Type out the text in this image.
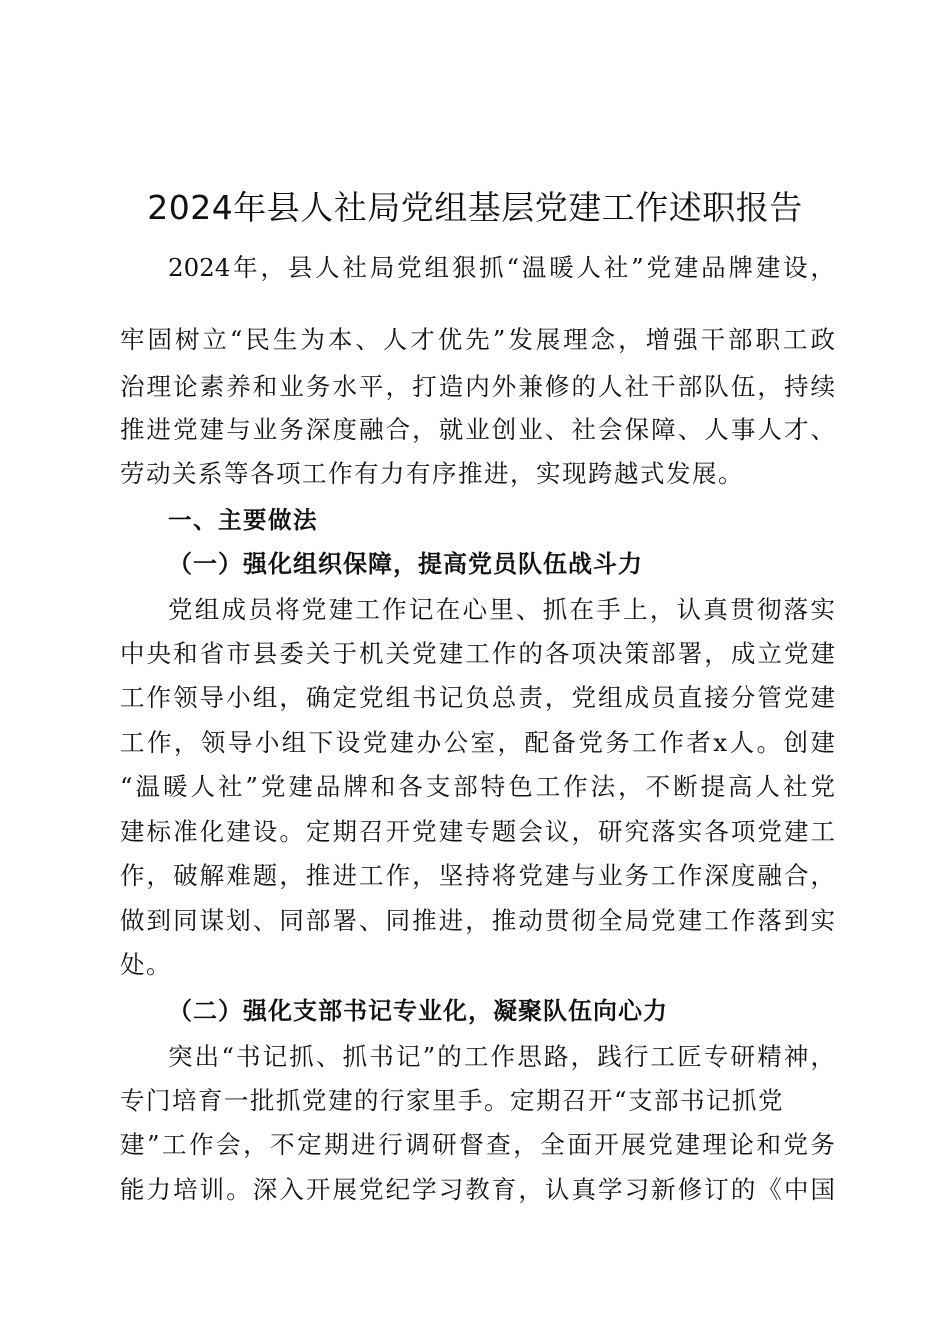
2024年县人社局党组基层党建工作述职报告
2024年，县人社局党组狠抓“温暖人社”党建品牌建设，
牢固树立“民生为本、人才优先”发展理念，增强干部职工政
治理论素养和业务水平，打造内外兼修的人社干部队伍，持续
推进党建与业务深度融合，就业创业、社会保障、人事人才、
劳动关系等各项工作有力有序推进，实现跨越式发展。
一、主要做法
（一）强化组织保障，提高党员队伍战斗力
党组成员将党建工作记在心里、抓在手上，认真贯彻落实
中央和省市县委关于机关党建工作的各项决策部署，成立党建
工作领导小组，确定党组书记负总责，党组成员直接分管党建
工作，领导小组下设党建办公室，配备党务工作者x人。创建
“温暖人社”党建品牌和各支部特色工作法，不断提高人社党
建标准化建设。定期召开党建专题会议，研究落实各项党建工
作，破解难题，推进工作，坚持将党建与业务工作深度融合，
做到同谋划、同部署、同推进，推动贯彻全局党建工作落到实
处。
（二）强化支部书记专业化，凝聚队伍向心力
突出“书记抓、抓书记”的工作思路，践行工匠专研精神，
专门培育一批抓党建的行家里手。定期召开“支部书记抓党
建”工作会，不定期进行调研督查，全面开展党建理论和党务
能力培训。深入开展党纪学习教育，认真学习新修订的《中国
